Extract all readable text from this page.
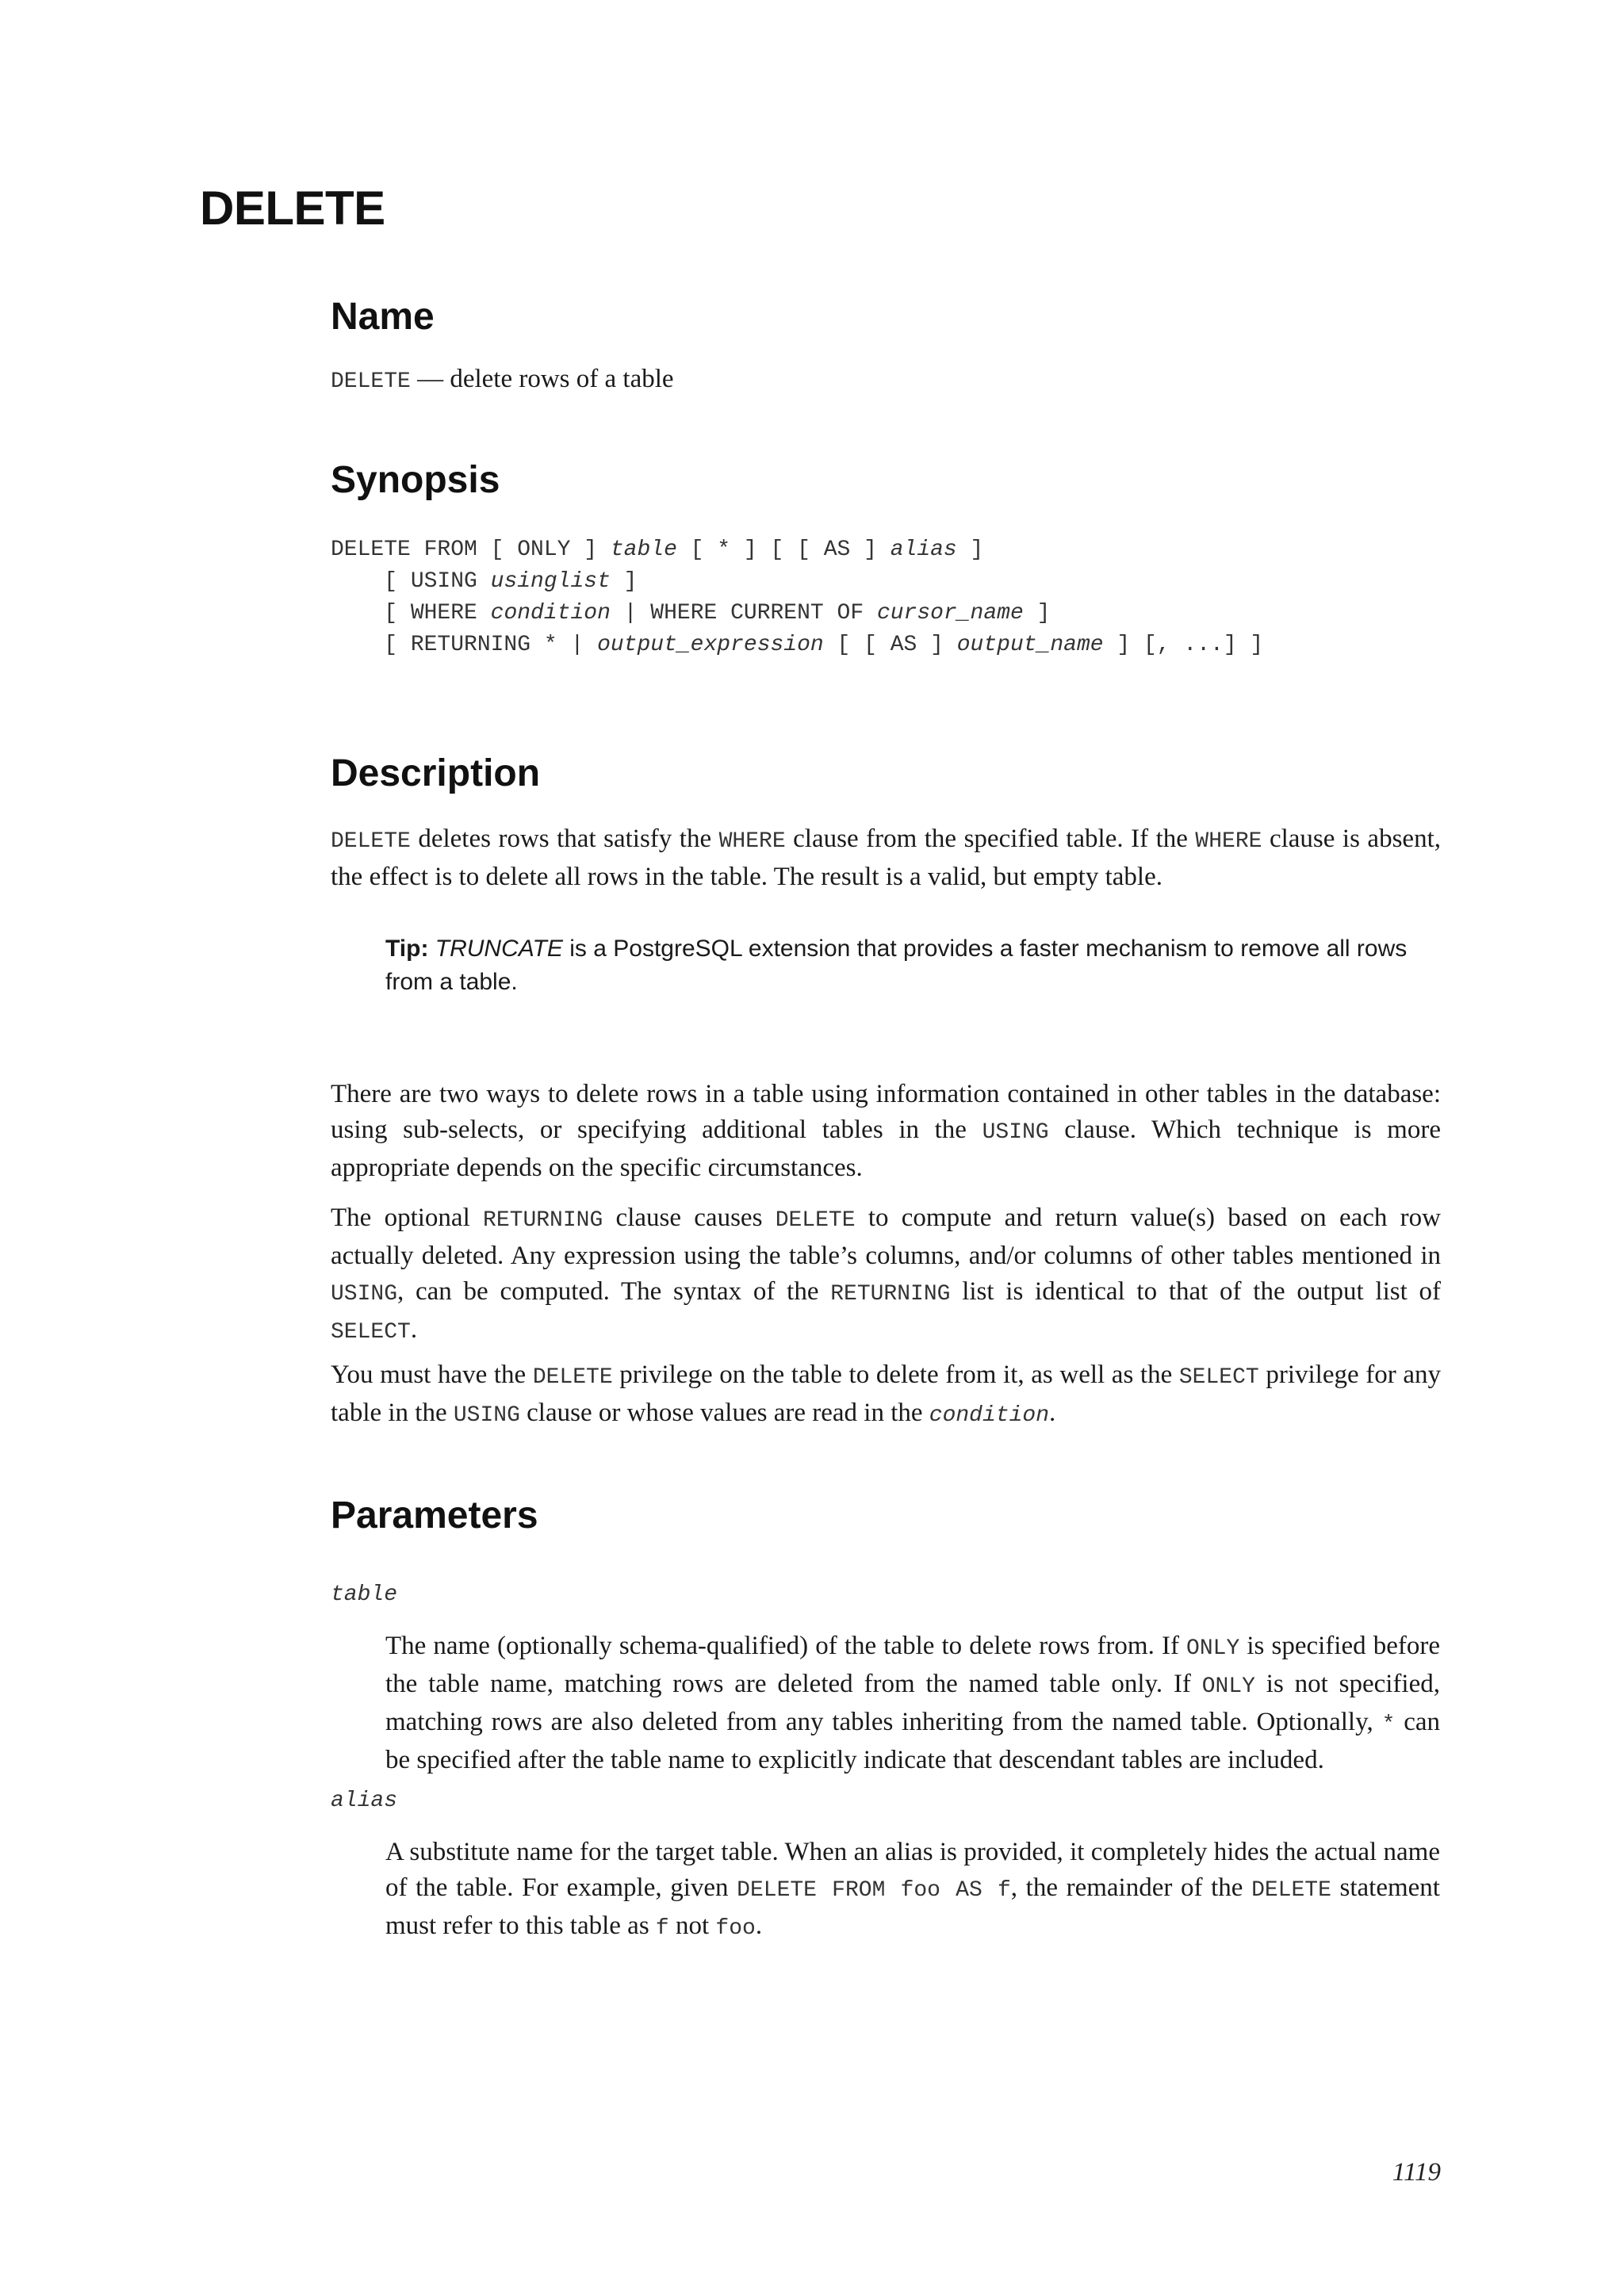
DELETE
Name

DELETE — delete rows of a table

Synopsis
DELETE FROM [ ONLY ] table [ * ] [ [ AS ] alias ]
[ USING usinglist ]
[ WHERE condition | WHERE CURRENT OF cursor_name ]
[ RETURNING * | output_expression [ [ AS ] output_name ] [, ...] ]
Description

DELETE deletes rows that satisfy the WHERE clause from the specified table. If the WHERE clause is absent, the effect is to delete all rows in the table. The result is a valid, but empty table.

Tip: TRUNCATE is a PostgreSQL extension that provides a faster mechanism to remove all rows from a table.

There are two ways to delete rows in a table using information contained in other tables in the database: using sub-selects, or specifying additional tables in the USING clause. Which technique is more appropriate depends on the specific circumstances.

The optional RETURNING clause causes DELETE to compute and return value(s) based on each row actually deleted. Any expression using the table’s columns, and/or columns of other tables mentioned in USING, can be computed. The syntax of the RETURNING list is identical to that of the output list of SELECT.

You must have the DELETE privilege on the table to delete from it, as well as the SELECT privilege for any table in the USING clause or whose values are read in the condition.

Parameters
table

The name (optionally schema-qualified) of the table to delete rows from. If ONLY is specified before the table name, matching rows are deleted from the named table only. If ONLY is not specified, matching rows are also deleted from any tables inheriting from the named table. Optionally, * can be specified after the table name to explicitly indicate that descendant tables are included.

alias

A substitute name for the target table. When an alias is provided, it completely hides the actual name of the table. For example, given DELETE FROM foo AS f, the remainder of the DELETE statement must refer to this table as f not foo.

1119
